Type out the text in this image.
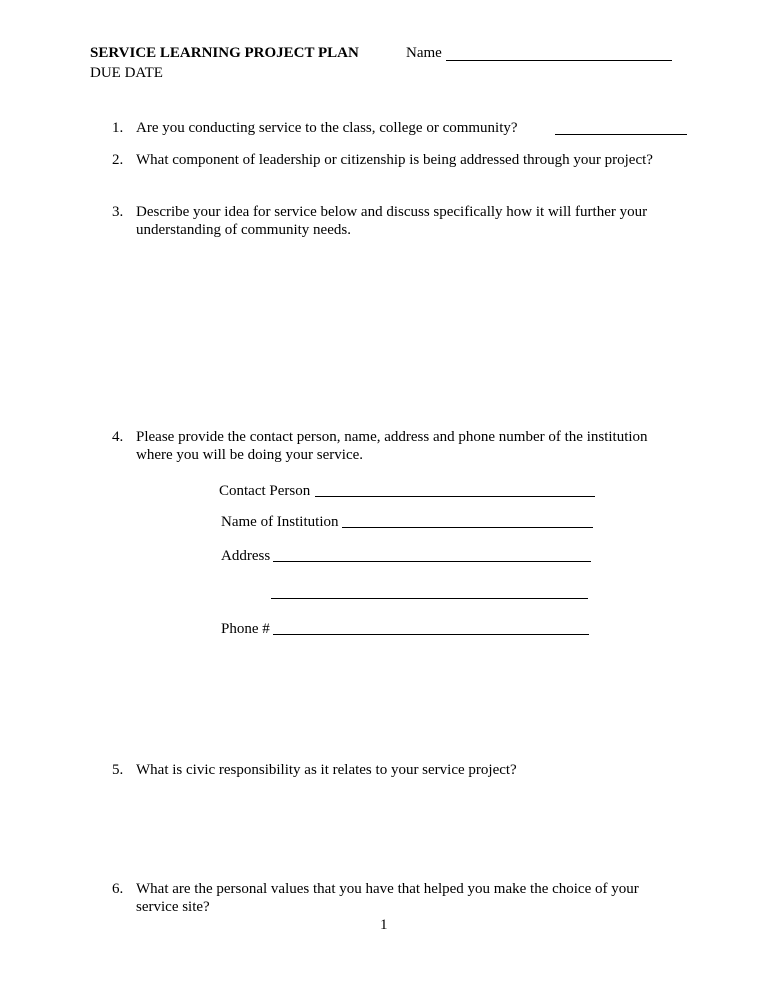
SERVICE LEARNING PROJECT PLAN
DUE DATE
Name
1. Are you conducting service to the class, college or community?
2. What component of leadership or citizenship is being addressed through your project?
3. Describe your idea for service below and discuss specifically how it will further your
understanding of community needs.
4. Please provide the contact person, name, address and phone number of the institution
where you will be doing your service.
Contact Person
Name of Institution
Address
Phone #
5. What is civic responsibility as it relates to your service project?
6. What are the personal values that you have that helped you make the choice of your
service site?
1
